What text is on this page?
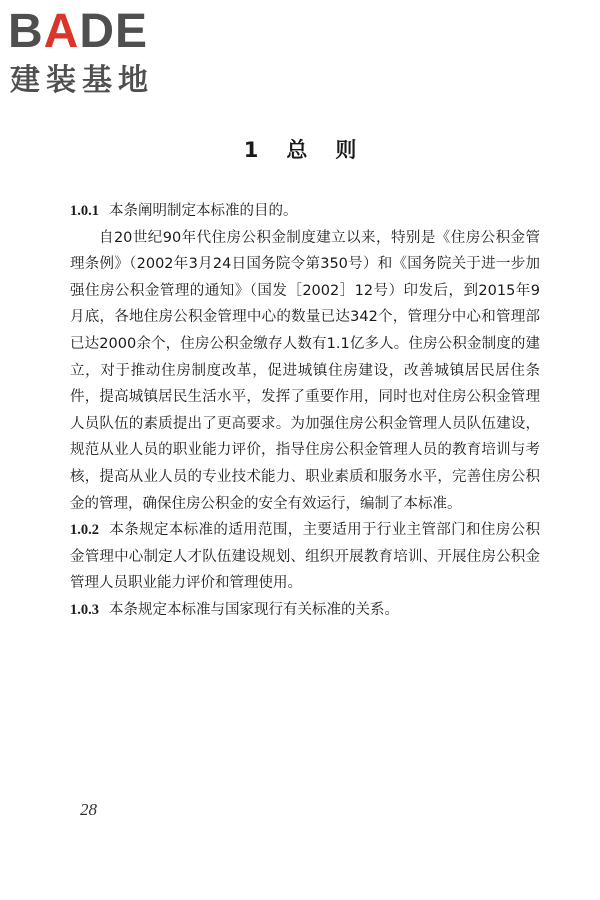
BADE
建装基地
1 总 则

1.0.1 本条阐明制定本标准的目的。

自20世纪90年代住房公积金制度建立以来，特别是《住房公积金管理条例》（2002年3月24日国务院令第350号）和《国务院关于进一步加强住房公积金管理的通知》（国发［2002］12号）印发后，到2015年9月底，各地住房公积金管理中心的数量已达342个，管理分中心和管理部已达2000余个，住房公积金缴存人数有1.1亿多人。住房公积金制度的建立，对于推动住房制度改革，促进城镇住房建设，改善城镇居民居住条件，提高城镇居民生活水平，发挥了重要作用，同时也对住房公积金管理人员队伍的素质提出了更高要求。为加强住房公积金管理人员队伍建设，规范从业人员的职业能力评价，指导住房公积金管理人员的教育培训与考核，提高从业人员的专业技术能力、职业素质和服务水平，完善住房公积金的管理，确保住房公积金的安全有效运行，编制了本标准。

1.0.2 本条规定本标准的适用范围，主要适用于行业主管部门和住房公积金管理中心制定人才队伍建设规划、组织开展教育培训、开展住房公积金管理人员职业能力评价和管理使用。

1.0.3 本条规定本标准与国家现行有关标准的关系。

28
